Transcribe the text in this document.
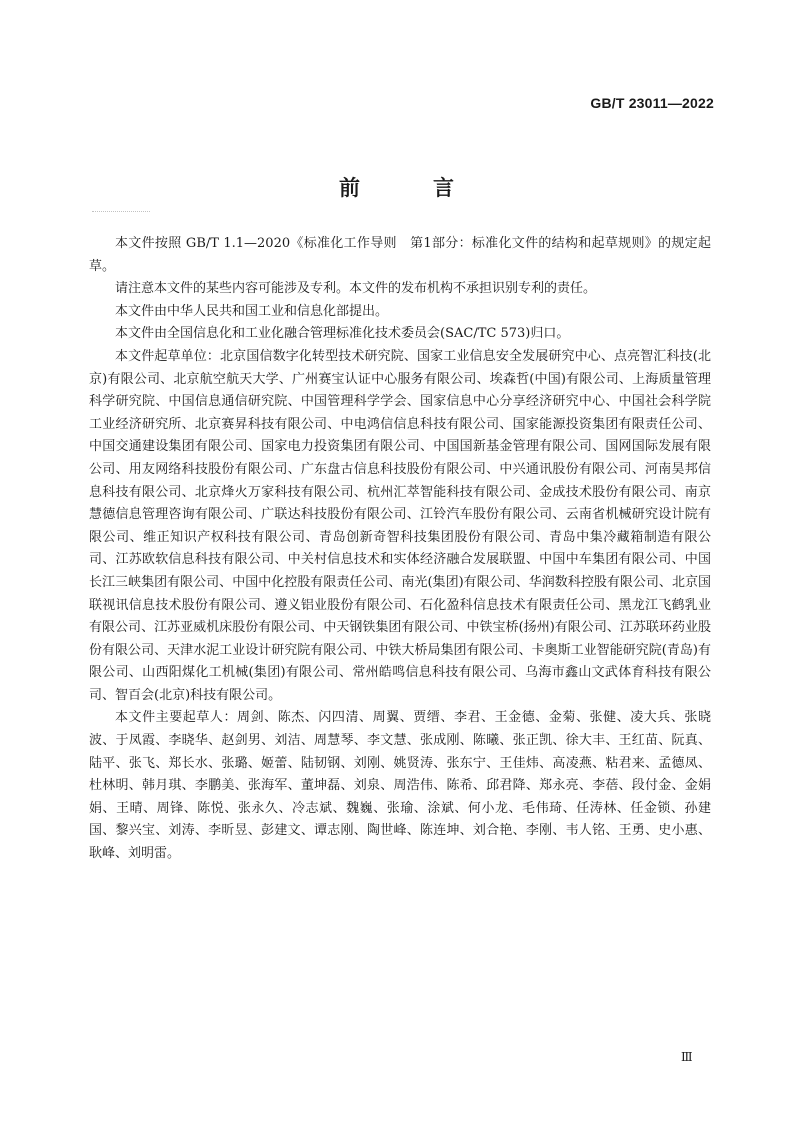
GB/T 23011—2022
前　言

本文件按照 GB/T 1.1—2020《标准化工作导则　第1部分：标准化文件的结构和起草规则》的规定起草。

请注意本文件的某些内容可能涉及专利。本文件的发布机构不承担识别专利的责任。

本文件由中华人民共和国工业和信息化部提出。

本文件由全国信息化和工业化融合管理标准化技术委员会(SAC/TC 573)归口。

本文件起草单位：北京国信数字化转型技术研究院、国家工业信息安全发展研究中心、点亮智汇科技(北京)有限公司、北京航空航天大学、广州赛宝认证中心服务有限公司、埃森哲(中国)有限公司、上海质量管理科学研究院、中国信息通信研究院、中国管理科学学会、国家信息中心分享经济研究中心、中国社会科学院工业经济研究所、北京赛昇科技有限公司、中电鸿信信息科技有限公司、国家能源投资集团有限责任公司、中国交通建设集团有限公司、国家电力投资集团有限公司、中国国新基金管理有限公司、国网国际发展有限公司、用友网络科技股份有限公司、广东盘古信息科技股份有限公司、中兴通讯股份有限公司、河南昊邦信息科技有限公司、北京烽火万家科技有限公司、杭州汇萃智能科技有限公司、金成技术股份有限公司、南京慧德信息管理咨询有限公司、广联达科技股份有限公司、江铃汽车股份有限公司、云南省机械研究设计院有限公司、维正知识产权科技有限公司、青岛创新奇智科技集团股份有限公司、青岛中集冷藏箱制造有限公司、江苏欧软信息科技有限公司、中关村信息技术和实体经济融合发展联盟、中国中车集团有限公司、中国长江三峡集团有限公司、中国中化控股有限责任公司、南光(集团)有限公司、华润数科控股有限公司、北京国联视讯信息技术股份有限公司、遵义铝业股份有限公司、石化盈科信息技术有限责任公司、黑龙江飞鹤乳业有限公司、江苏亚威机床股份有限公司、中天钢铁集团有限公司、中铁宝桥(扬州)有限公司、江苏联环药业股份有限公司、天津水泥工业设计研究院有限公司、中铁大桥局集团有限公司、卡奥斯工业智能研究院(青岛)有限公司、山西阳煤化工机械(集团)有限公司、常州皓鸣信息科技有限公司、乌海市鑫山文武体育科技有限公司、智百会(北京)科技有限公司。

本文件主要起草人：周剑、陈杰、闪四清、周翼、贾缙、李君、王金德、金菊、张健、凌大兵、张晓波、于凤霞、李晓华、赵剑男、刘洁、周慧琴、李文慧、张成刚、陈曦、张正凯、徐大丰、王红苗、阮真、陆平、张飞、郑长水、张璐、姬蕾、陆韧钢、刘刚、姚贤涛、张东宁、王佳炜、高凌燕、粘君来、孟德凤、杜林明、韩月琪、李鹏美、张海军、董坤磊、刘泉、周浩伟、陈希、邱君降、郑永亮、李蓓、段付金、金娟娟、王晴、周锋、陈悦、张永久、冷志斌、魏巍、张瑜、涂斌、何小龙、毛伟琦、任涛林、任金锁、孙建国、黎兴宝、刘涛、李昕昱、彭建文、谭志刚、陶世峰、陈连坤、刘合艳、李刚、韦人铭、王勇、史小惠、耿峰、刘明雷。

Ⅲ
